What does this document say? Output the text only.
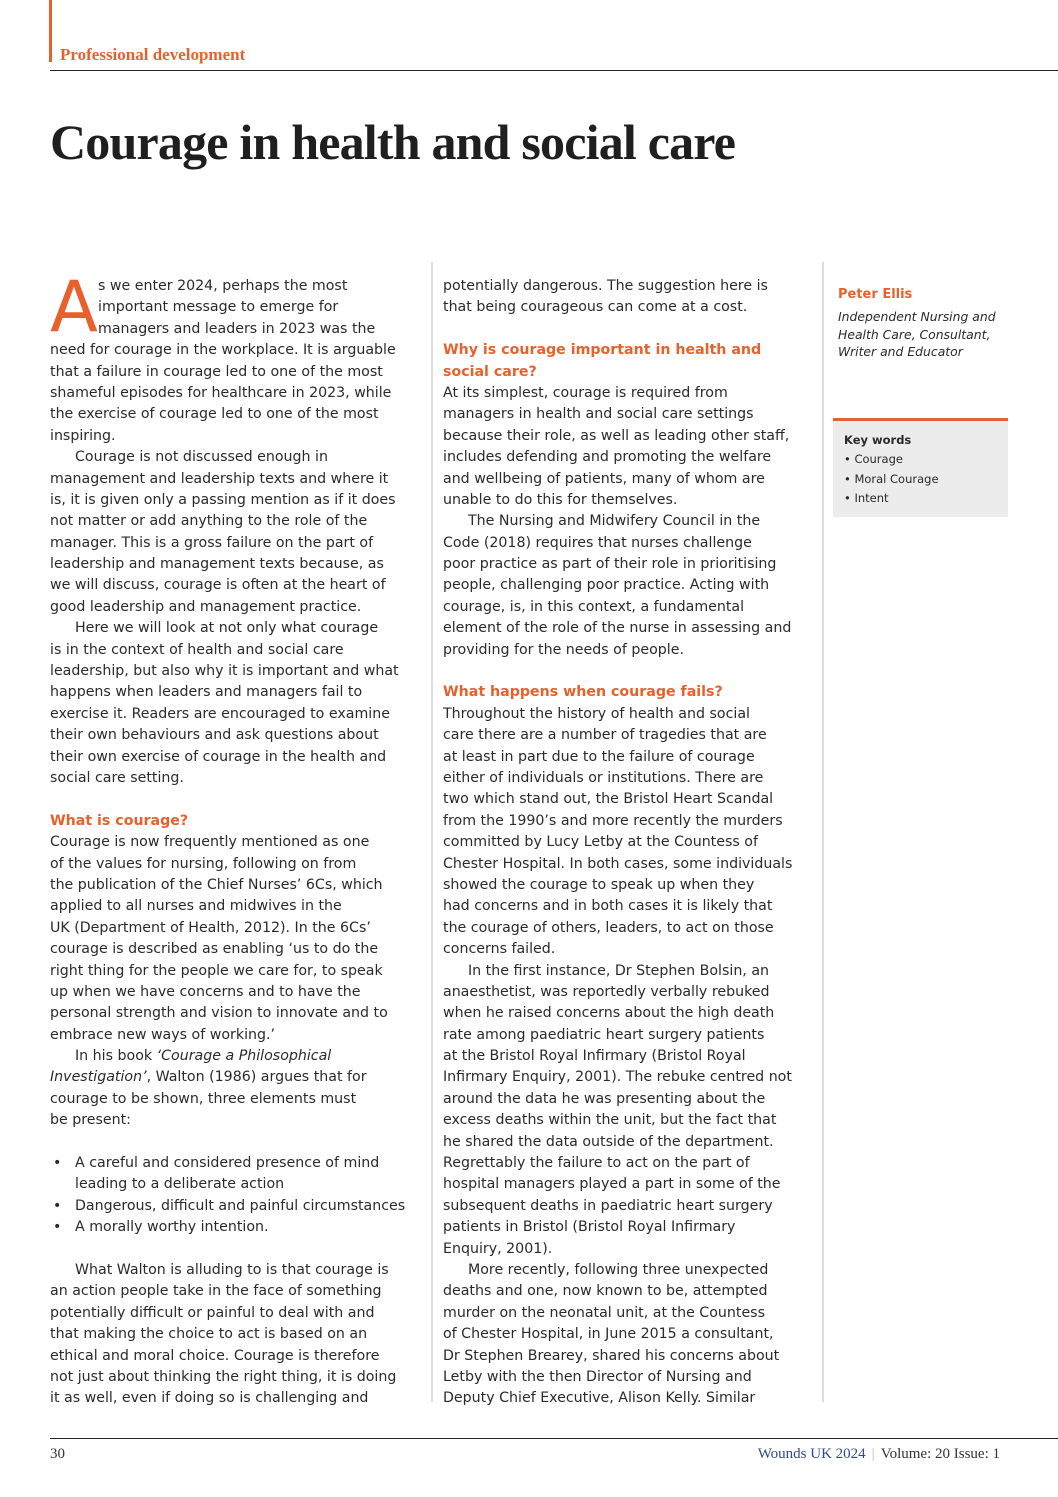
Professional development
Courage in health and social care
A s we enter 2024, perhaps the most
important message to emerge for
managers and leaders in 2023 was the
need for courage in the workplace. It is arguable
that a failure in courage led to one of the most
shameful episodes for healthcare in 2023, while
the exercise of courage led to one of the most
inspiring.
Courage is not discussed enough in
management and leadership texts and where it
is, it is given only a passing mention as if it does
not matter or add anything to the role of the
manager. This is a gross failure on the part of
leadership and management texts because, as
we will discuss, courage is often at the heart of
good leadership and management practice.
Here we will look at not only what courage
is in the context of health and social care
leadership, but also why it is important and what
happens when leaders and managers fail to
exercise it. Readers are encouraged to examine
their own behaviours and ask questions about
their own exercise of courage in the health and
social care setting.
What is courage?
Courage is now frequently mentioned as one
of the values for nursing, following on from
the publication of the Chief Nurses’ 6Cs, which
applied to all nurses and midwives in the
UK (Department of Health, 2012). In the 6Cs’
courage is described as enabling ‘us to do the
right thing for the people we care for, to speak
up when we have concerns and to have the
personal strength and vision to innovate and to
embrace new ways of working.’
In his book ‘Courage a Philosophical
Investigation’, Walton (1986) argues that for
courage to be shown, three elements must
be present:
• A careful and considered presence of mind
leading to a deliberate action
• Dangerous, difficult and painful circumstances
• A morally worthy intention.
What Walton is alluding to is that courage is
an action people take in the face of something
potentially difficult or painful to deal with and
that making the choice to act is based on an
ethical and moral choice. Courage is therefore
not just about thinking the right thing, it is doing
it as well, even if doing so is challenging and
potentially dangerous. The suggestion here is
that being courageous can come at a cost.
Why is courage important in health and
social care?
At its simplest, courage is required from
managers in health and social care settings
because their role, as well as leading other staff,
includes defending and promoting the welfare
and wellbeing of patients, many of whom are
unable to do this for themselves.
The Nursing and Midwifery Council in the
Code (2018) requires that nurses challenge
poor practice as part of their role in prioritising
people, challenging poor practice. Acting with
courage, is, in this context, a fundamental
element of the role of the nurse in assessing and
providing for the needs of people.
What happens when courage fails?
Throughout the history of health and social
care there are a number of tragedies that are
at least in part due to the failure of courage
either of individuals or institutions. There are
two which stand out, the Bristol Heart Scandal
from the 1990’s and more recently the murders
committed by Lucy Letby at the Countess of
Chester Hospital. In both cases, some individuals
showed the courage to speak up when they
had concerns and in both cases it is likely that
the courage of others, leaders, to act on those
concerns failed.
In the first instance, Dr Stephen Bolsin, an
anaesthetist, was reportedly verbally rebuked
when he raised concerns about the high death
rate among paediatric heart surgery patients
at the Bristol Royal Infirmary (Bristol Royal
Infirmary Enquiry, 2001). The rebuke centred not
around the data he was presenting about the
excess deaths within the unit, but the fact that
he shared the data outside of the department.
Regrettably the failure to act on the part of
hospital managers played a part in some of the
subsequent deaths in paediatric heart surgery
patients in Bristol (Bristol Royal Infirmary
Enquiry, 2001).
More recently, following three unexpected
deaths and one, now known to be, attempted
murder on the neonatal unit, at the Countess
of Chester Hospital, in June 2015 a consultant,
Dr Stephen Brearey, shared his concerns about
Letby with the then Director of Nursing and
Deputy Chief Executive, Alison Kelly. Similar
Peter Ellis
Independent Nursing and
Health Care, Consultant,
Writer and Educator
Key words
• Courage
• Moral Courage
• Intent
30	Wounds UK 2024 | Volume: 20 Issue: 1
